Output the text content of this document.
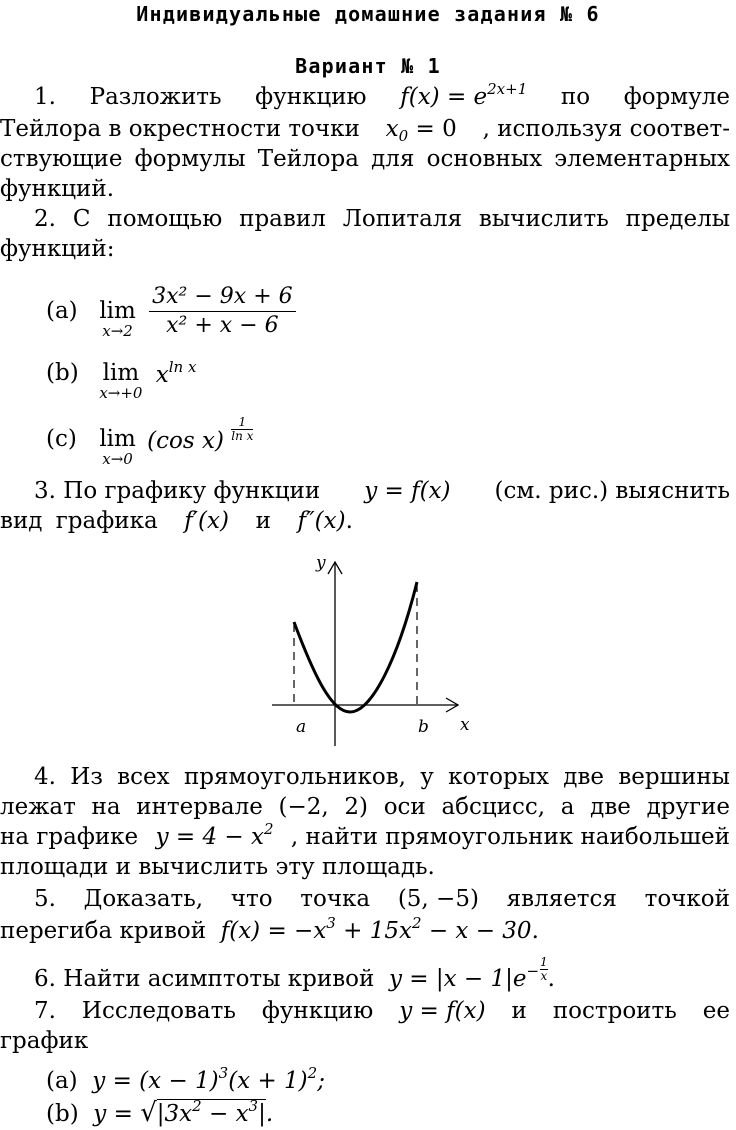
Индивидуальные домашние задания № 6
Вариант № 1
1. Разложить функцию $f(x) = e^{2x+1}$ по формуле
Тейлора в окрестности точки $x_0 = 0$ , используя соответ-
ствующие формулы Тейлора для основных элементарных
функций.
2. С помощью правил Лопиталя вычислить пределы
функций:
(a) lim
x→2
$\frac{\text{3x² − 9x + 6}}{\text{x² + x − 6}}$
(b) lim
x→+0
$x^{ln x}$
(c) lim
x→0
(cos $x) \frac{1}{\text{ln x}}$
3. По графику функции y = f(x) (см. рис.) выяснить
вид графика f′(x) и f″(x).
y
x
a	b
4. Из всех прямоугольников, у которых две вершины
лежат на интервале (−2, 2) оси абсцисс, а две другие
на графике $y = 4 - x^2$ , найти прямоугольник наибольшей
площади и вычислить эту площадь.
5. Доказать, что точка (5, −5) является точкой
перегиба кривой $f(x) = -x^3 + 15x^2 - x - 30$.
6. Найти асимптоты кривой $y = |x - 1|e- \frac{1}{x}$.
7. Исследовать функцию y = f(x) и построить ее
график
(a) $y = (x - 1)^3(x + 1)^2$;
(b) $y = √|3x^2 - x^3|$.
